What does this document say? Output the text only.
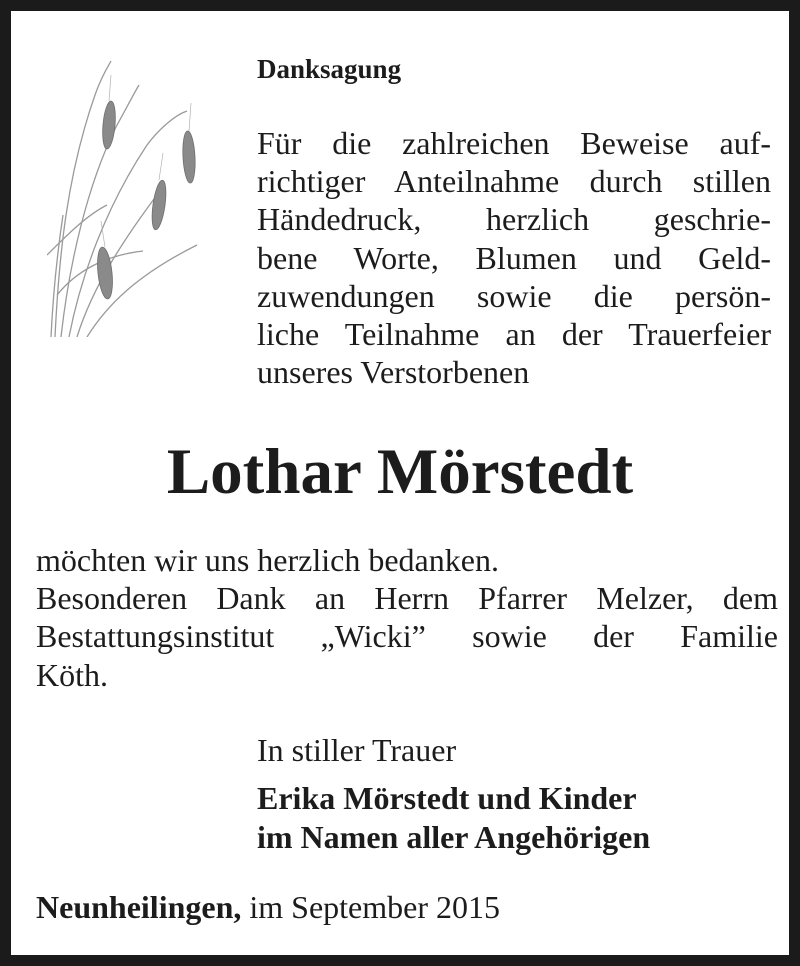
Danksagung

Für die zahlreichen Beweise auf-
richtiger Anteilnahme durch stillen
Händedruck, herzlich geschrie-
bene Worte, Blumen und Geld-
zuwendungen sowie die persön-
liche Teilnahme an der Trauerfeier
unseres Verstorbenen

Lothar Mörstedt

möchten wir uns herzlich bedanken.
Besonderen Dank an Herrn Pfarrer Melzer, dem
Bestattungsinstitut „Wicki” sowie der Familie
Köth.

In stiller Trauer

Erika Mörstedt und Kinder
im Namen aller Angehörigen

Neunheilingen, im September 2015
